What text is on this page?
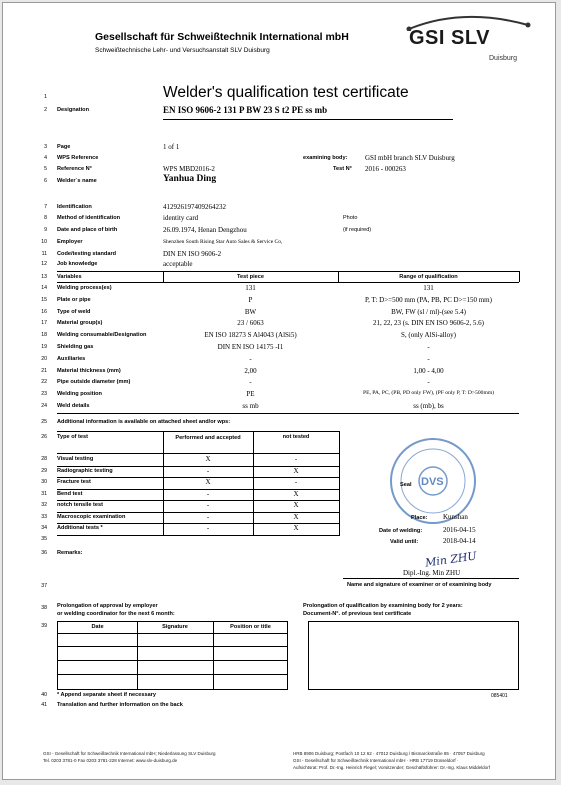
Gesellschaft für Schweißtechnik International mbH
Schweißtechnische Lehr- und Versuchsanstalt SLV Duisburg
GSI SLV
Duisburg
1	Welder's qualification test certificate
2 Designation	EN ISO 9606-2 131 P BW 23 S t2 PE ss mb
3 Page	1 of 1
4 WPS Reference	examining body:	GSI mbH branch SLV Duisburg
5 Reference N°	WPS MBD2016-2	Test N° 2016 - 000263
6 Welder´s name	Yanhua Ding
7 Identification	412926197409264232
8 Method of identification	identity card	Photo
9 Date and place of birth	26.09.1974, Henan Dengzhou	(if required)
10 Employer	Shenzhen South Rising Star Auto Sales & Service Co,
11 Code/testing standard	DIN EN ISO 9606-2
12 Job knowledge	acceptable
13 Variables	Test piece	Range of qualification
14 Welding process(es)	131	131
15 Plate or pipe	P	P, T: D>=500 mm (PA, PB, PC D>=150 mm)
16 Type of weld	BW	BW, FW (sl / ml)-(see 5.4)
17 Material group(s)	23 / 6063	21, 22, 23 (s. DIN EN ISO 9606-2, 5.6)
18 Welding consumable/Designation	EN ISO 18273 S Al4043 (AlSi5)	S, (only AlSi-alloy)
19 Shielding gas	DIN EN ISO 14175 -I1	-
20 Auxiliaries	-	-
21 Material thickness (mm)	2,00	1,00 - 4,00
22 Pipe outside diameter (mm)	-	-
23 Welding position	PE	PE, PA, PC, (PB, PD only FW), (PF only P, T: D>500mm)
24 Weld details	ss mb	ss (mb), bs
25 Additional information is available on attached sheet and/or wps:
26 Type of test	Performed and accepted	not tested
28 Visual testing	X	-
29 Radiographic testing	-	X
30 Fracture test	X	-
31 Bend test	-	X
32 notch tensile test	-	X
33 Macroscopic examination	-	X
34 Additional tests *	-	X
DVS
Seal
35
Place: Kunshan
Date of welding:	2016-04-15
Valid until:	2018-04-14
36 Remarks:	Min ZHU
Dipl.-Ing. Min ZHU
37	Name and signature of examiner or of examining body
38 Prolongation of approval by employer
or welding coordinator for the next 6 month:
Prolongation of qualification by examining body for 2 years:
Document-N°. of previous test certificate
Date	Signature	Position or title
39
40 * Append separate sheet if necessary	085401
41 Translation and further information on the back
GSI - Gesellschaft für Schweißtechnik International mbH; Niederlassung SLV Duisburg
Tel. 0203 3781-0 Fax 0203 3781-228 Internet: www.slv-duisburg.de
HRB 8906 Duisburg; Postfach 10 12 62 · 47012 Duisburg / Bismarckstraße 85 · 47057 Duisburg
GSI - Gesellschaft für Schweißtechnik International mbH · HRB 17719 Düsseldorf ·
Aufsichtsrat: Prof. Dr.-Ing. Heinrich Flegel; Vorsitzender; Geschäftsführer: Dr.-Ing. Klaus Middeldorf
